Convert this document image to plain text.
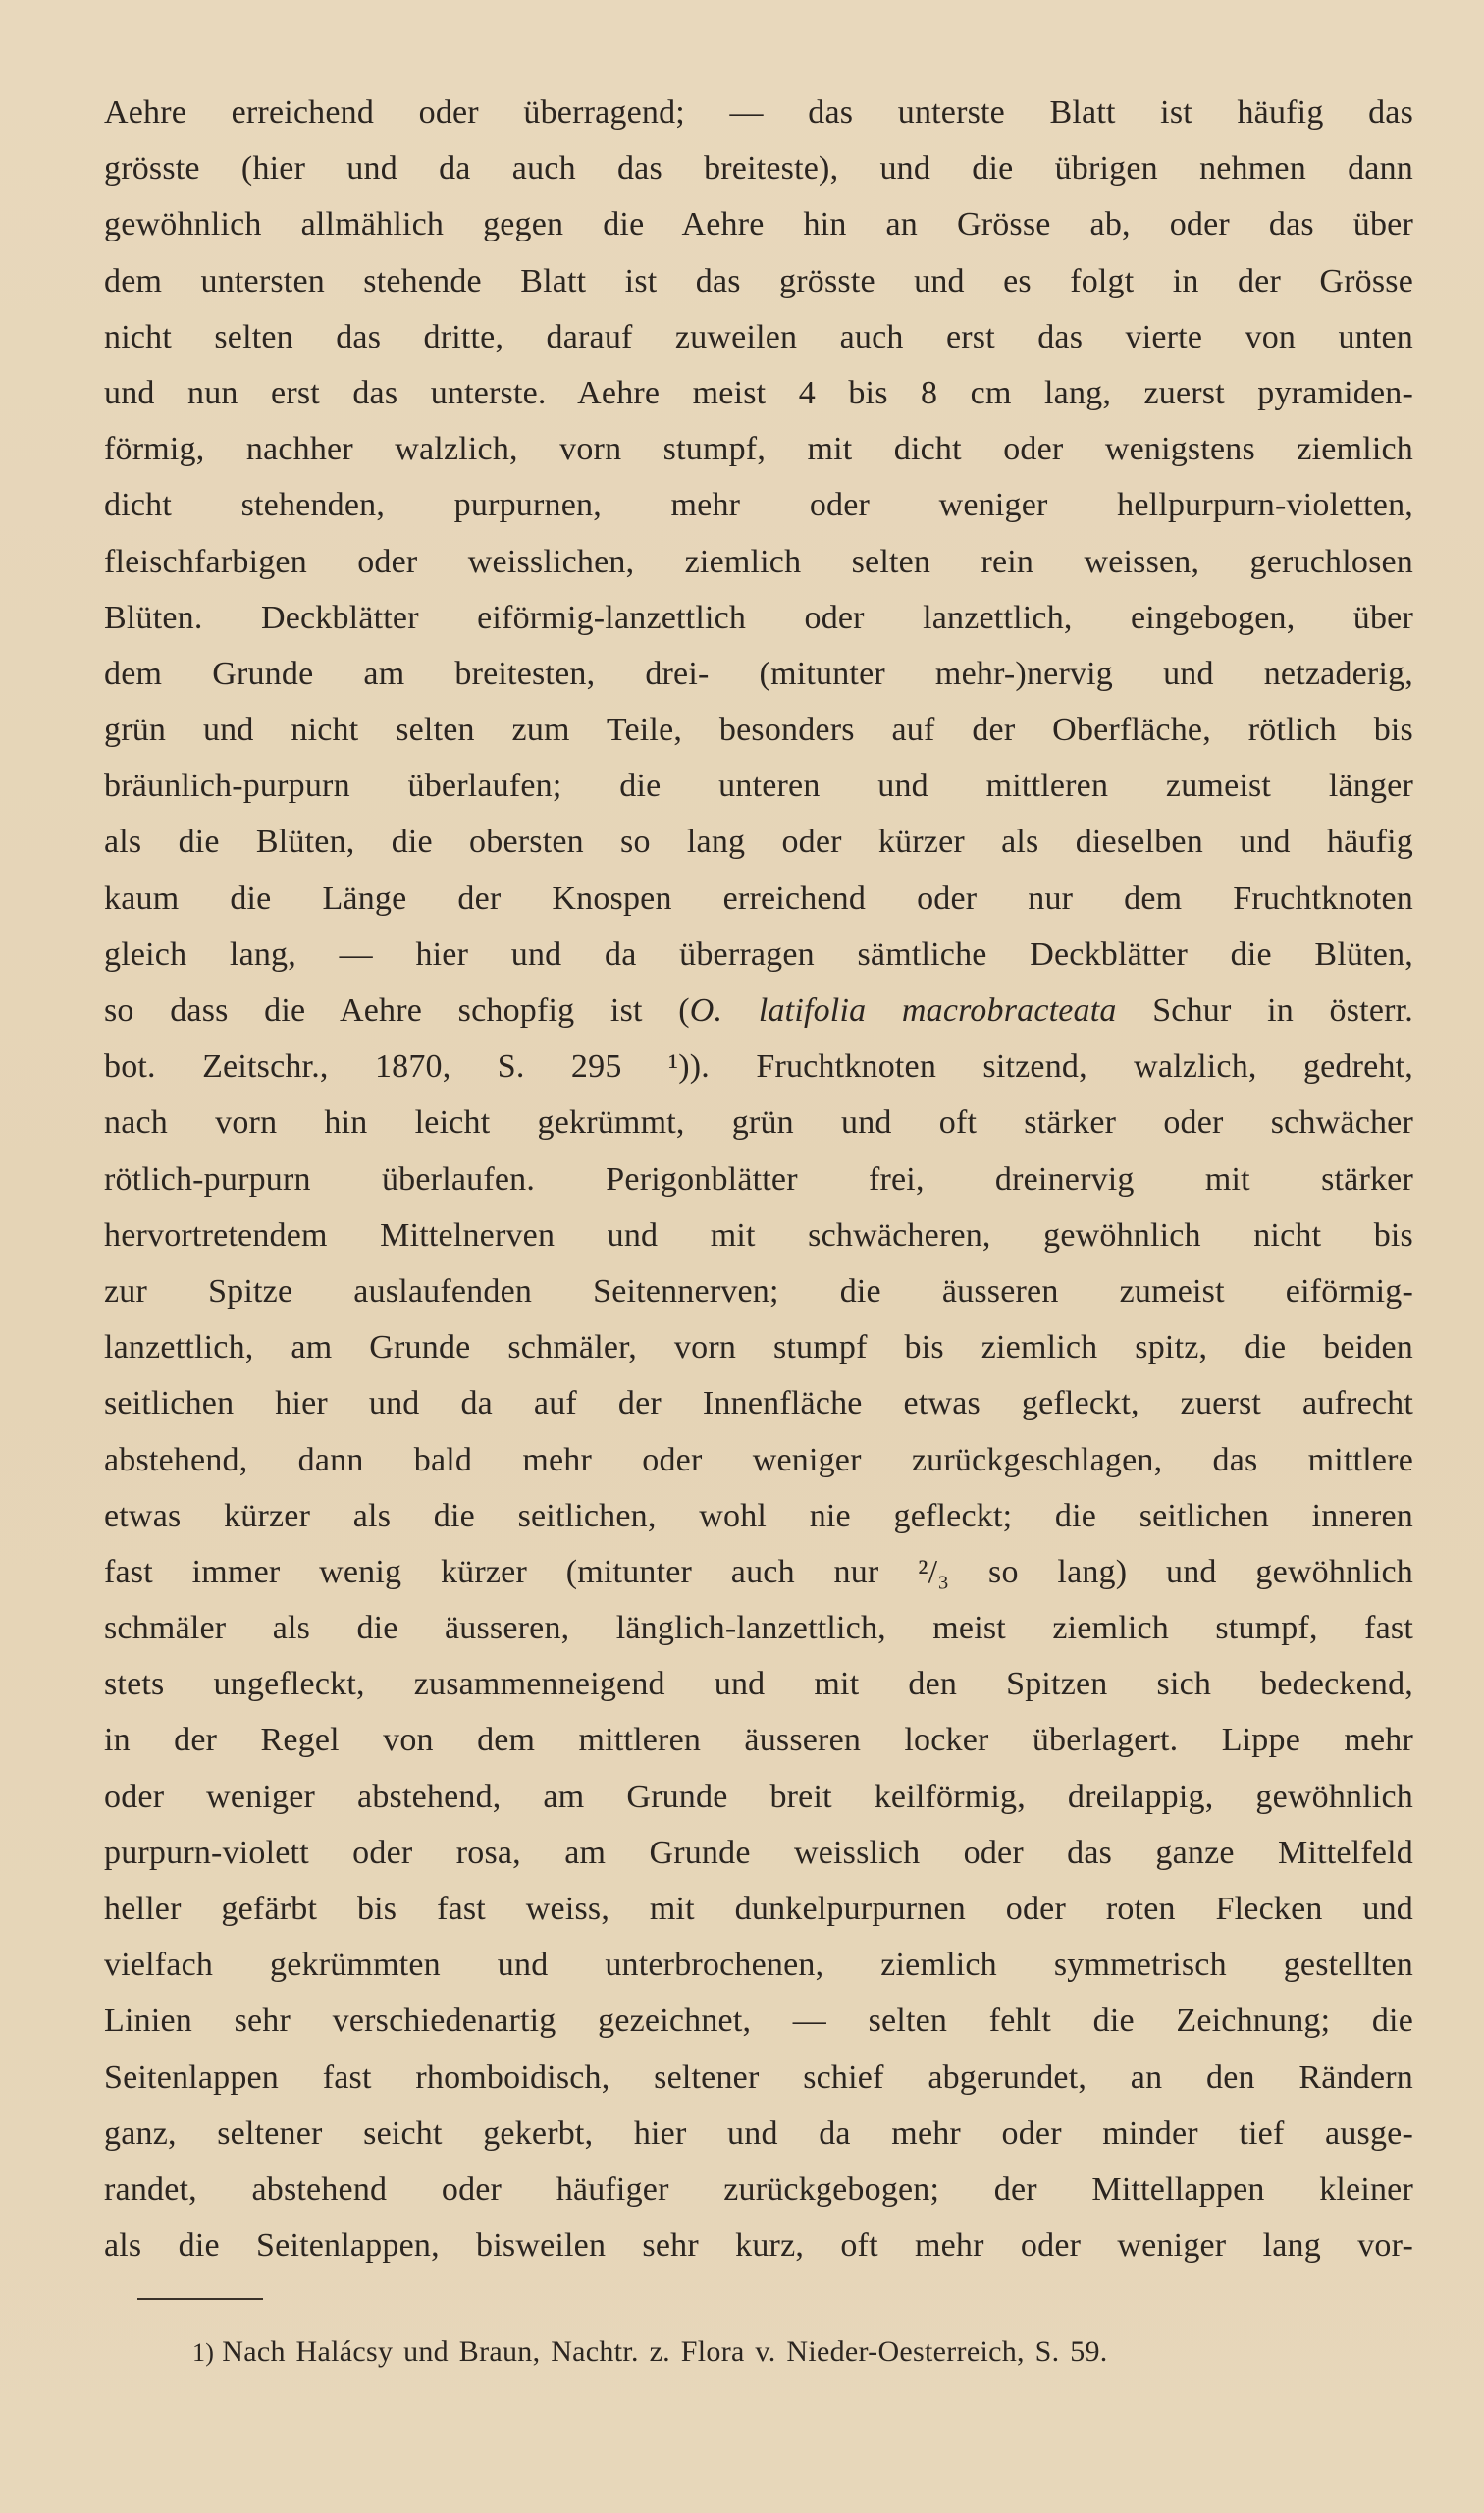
Aehre erreichend oder überragend; — das unterste Blatt ist häufig das
grösste (hier und da auch das breiteste), und die übrigen nehmen dann
gewöhnlich allmählich gegen die Aehre hin an Grösse ab, oder das über
dem untersten stehende Blatt ist das grösste und es folgt in der Grösse
nicht selten das dritte, darauf zuweilen auch erst das vierte von unten
und nun erst das unterste. Aehre meist 4 bis 8 cm lang, zuerst pyramiden-
förmig, nachher walzlich, vorn stumpf, mit dicht oder wenigstens ziemlich
dicht stehenden, purpurnen, mehr oder weniger hellpurpurn-violetten,
fleischfarbigen oder weisslichen, ziemlich selten rein weissen, geruchlosen
Blüten. Deckblätter eiförmig-lanzettlich oder lanzettlich, eingebogen, über
dem Grunde am breitesten, drei- (mitunter mehr-)nervig und netzaderig,
grün und nicht selten zum Teile, besonders auf der Oberfläche, rötlich bis
bräunlich-purpurn überlaufen; die unteren und mittleren zumeist länger
als die Blüten, die obersten so lang oder kürzer als dieselben und häufig
kaum die Länge der Knospen erreichend oder nur dem Fruchtknoten
gleich lang, — hier und da überragen sämtliche Deckblätter die Blüten,
so dass die Aehre schopfig ist (O. latifolia macrobracteata Schur in österr.
bot. Zeitschr., 1870, S. 295 ¹)). Fruchtknoten sitzend, walzlich, gedreht,
nach vorn hin leicht gekrümmt, grün und oft stärker oder schwächer
rötlich-purpurn überlaufen. Perigonblätter frei, dreinervig mit stärker
hervortretendem Mittelnerven und mit schwächeren, gewöhnlich nicht bis
zur Spitze auslaufenden Seitennerven; die äusseren zumeist eiförmig-
lanzettlich, am Grunde schmäler, vorn stumpf bis ziemlich spitz, die beiden
seitlichen hier und da auf der Innenfläche etwas gefleckt, zuerst aufrecht
abstehend, dann bald mehr oder weniger zurückgeschlagen, das mittlere
etwas kürzer als die seitlichen, wohl nie gefleckt; die seitlichen inneren
fast immer wenig kürzer (mitunter auch nur ²/₃ so lang) und gewöhnlich
schmäler als die äusseren, länglich-lanzettlich, meist ziemlich stumpf, fast
stets ungefleckt, zusammenneigend und mit den Spitzen sich bedeckend,
in der Regel von dem mittleren äusseren locker überlagert. Lippe mehr
oder weniger abstehend, am Grunde breit keilförmig, dreilappig, gewöhnlich
purpurn-violett oder rosa, am Grunde weisslich oder das ganze Mittelfeld
heller gefärbt bis fast weiss, mit dunkelpurpurnen oder roten Flecken und
vielfach gekrümmten und unterbrochenen, ziemlich symmetrisch gestellten
Linien sehr verschiedenartig gezeichnet, — selten fehlt die Zeichnung; die
Seitenlappen fast rhomboidisch, seltener schief abgerundet, an den Rändern
ganz, seltener seicht gekerbt, hier und da mehr oder minder tief ausge-
randet, abstehend oder häufiger zurückgebogen; der Mittellappen kleiner
als die Seitenlappen, bisweilen sehr kurz, oft mehr oder weniger lang vor-
1) Nach Halácsy und Braun, Nachtr. z. Flora v. Nieder-Oesterreich, S. 59.
